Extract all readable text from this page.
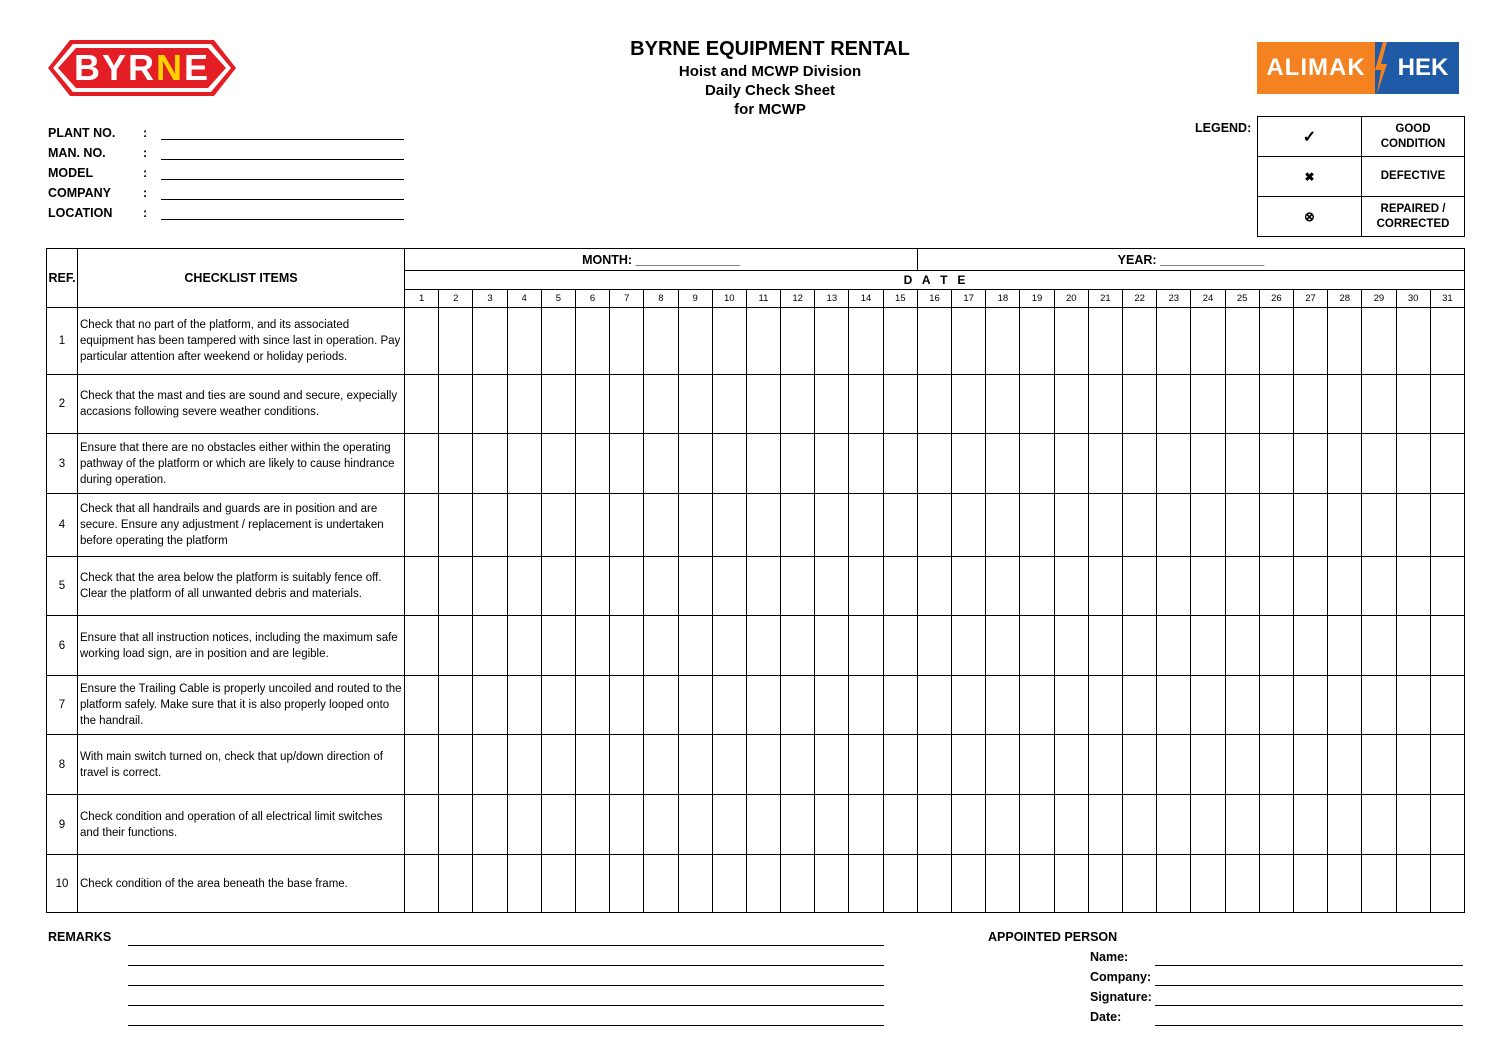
BYRNE	ALIMAK	HEK
BYRNE EQUIPMENT RENTAL
Hoist and MCWP Division
Daily Check Sheet
for MCWP
PLANT NO.	:
MAN. NO.	:
MODEL	:
COMPANY	:
LOCATION	:
LEGEND:
✓	GOOD
CONDITION
✖	DEFECTIVE
⊗	REPAIRED /
CORRECTED
REF.	CHECKLIST ITEMS	MONTH: _______________															YEAR: _______________															
		D   A   T   E																														
		1	2	3	4	5	6	7	8	9	10	11	12	13	14	15	16	17	18	19	20	21	22	23	24	25	26	27	28	29	30	31
1	Check that no part of the platform, and its associated equipment has been tampered with since last in operation. Pay particular attention after weekend or holiday periods.																															
2	Check that the mast and ties are sound and secure, expecially accasions following severe weather conditions.																															
3	Ensure that there are no obstacles either within the operating pathway of the platform or which are likely to cause hindrance during operation.																															
4	Check that all handrails and guards are in position and are secure. Ensure any adjustment / replacement is undertaken before operating the platform																															
5	Check that the area below the platform is suitably fence off. Clear the platform of all unwanted debris and materials.																															
6	Ensure that all instruction notices, including the maximum safe working load sign, are in position and are legible.																															
7	Ensure the Trailing Cable is properly uncoiled and routed to the platform safely. Make sure that it is also properly looped onto the handrail.																															
8	With main switch turned on, check that up/down direction of travel is correct.																															
9	Check condition and operation of all electrical limit switches and their functions.																															
10	Check condition of the area beneath the base frame.																															
REMARKS	APPOINTED PERSON
Name:
Company:
Signature:
Date:
